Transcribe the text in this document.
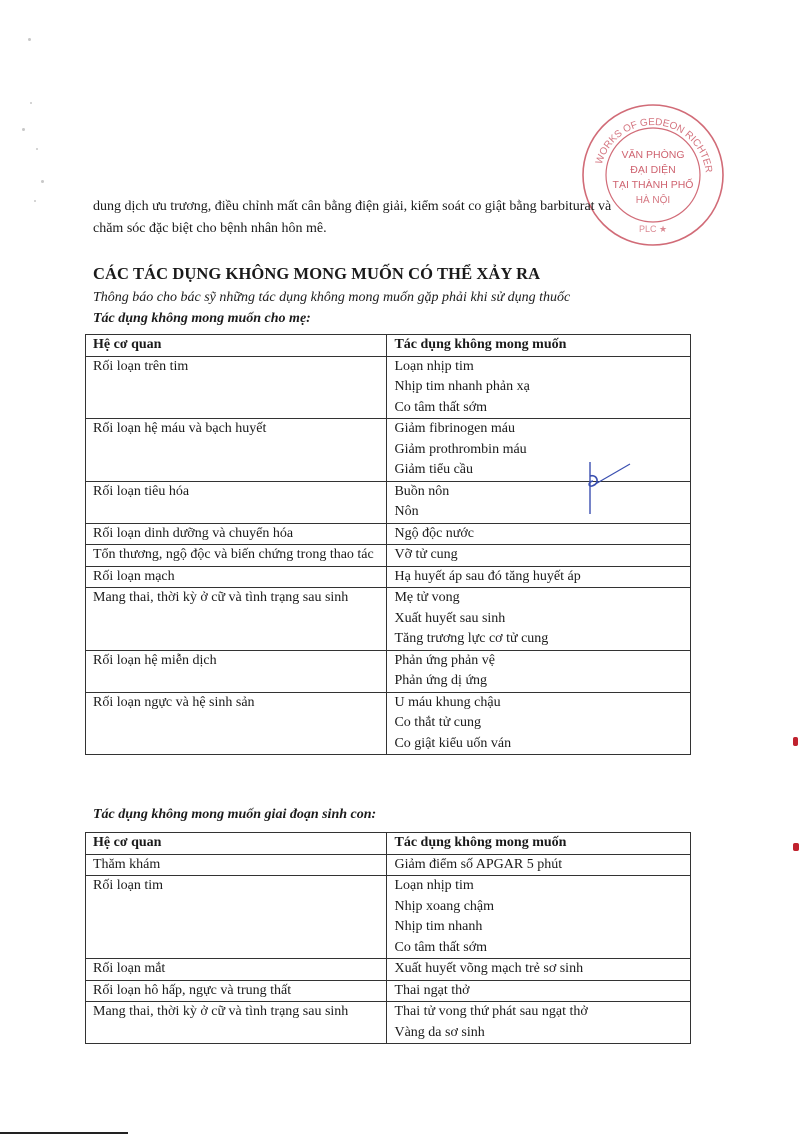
WORKS OF GEDEON RICHTER
VĂN PHÒNG
ĐẠI DIỆN
TẠI THÀNH PHỐ
HÀ NỘI
PLC ★

dung dịch ưu trương, điều chỉnh mất cân bằng điện giải, kiểm soát co giật bằng barbiturat và

chăm sóc đặc biệt cho bệnh nhân hôn mê.

CÁC TÁC DỤNG KHÔNG MONG MUỐN CÓ THỂ XẢY RA
Thông báo cho bác sỹ những tác dụng không mong muốn gặp phải khi sử dụng thuốc
Tác dụng không mong muốn cho mẹ:
Hệ cơ quan	Tác dụng không mong muốn
Rối loạn trên tim	Loạn nhịp tim
Nhịp tim nhanh phản xạ
Co tâm thất sớm

Rối loạn hệ máu và bạch huyết	Giảm fibrinogen máu
Giảm prothrombin máu
Giảm tiểu cầu

Rối loạn tiêu hóa	Buồn nôn
Nôn

Rối loạn dinh dưỡng và chuyển hóa	Ngộ độc nước

Tổn thương, ngộ độc và biến chứng trong thao tác	Vỡ tử cung

Rối loạn mạch	Hạ huyết áp sau đó tăng huyết áp

Mang thai, thời kỳ ở cữ và tình trạng sau sinh	Mẹ tử vong
Xuất huyết sau sinh
Tăng trương lực cơ tử cung

Rối loạn hệ miễn dịch	Phản ứng phản vệ
Phản ứng dị ứng

Rối loạn ngực và hệ sinh sản	U máu khung chậu
Co thắt tử cung
Co giật kiểu uốn ván
Tác dụng không mong muốn giai đoạn sinh con:
Hệ cơ quan	Tác dụng không mong muốn
Thăm khám	Giảm điểm số APGAR 5 phút

Rối loạn tim	Loạn nhịp tim
Nhịp xoang chậm
Nhịp tim nhanh
Co tâm thất sớm

Rối loạn mắt	Xuất huyết võng mạch trẻ sơ sinh

Rối loạn hô hấp, ngực và trung thất	Thai ngạt thở

Mang thai, thời kỳ ở cữ và tình trạng sau sinh	Thai tử vong thứ phát sau ngạt thở
Vàng da sơ sinh
